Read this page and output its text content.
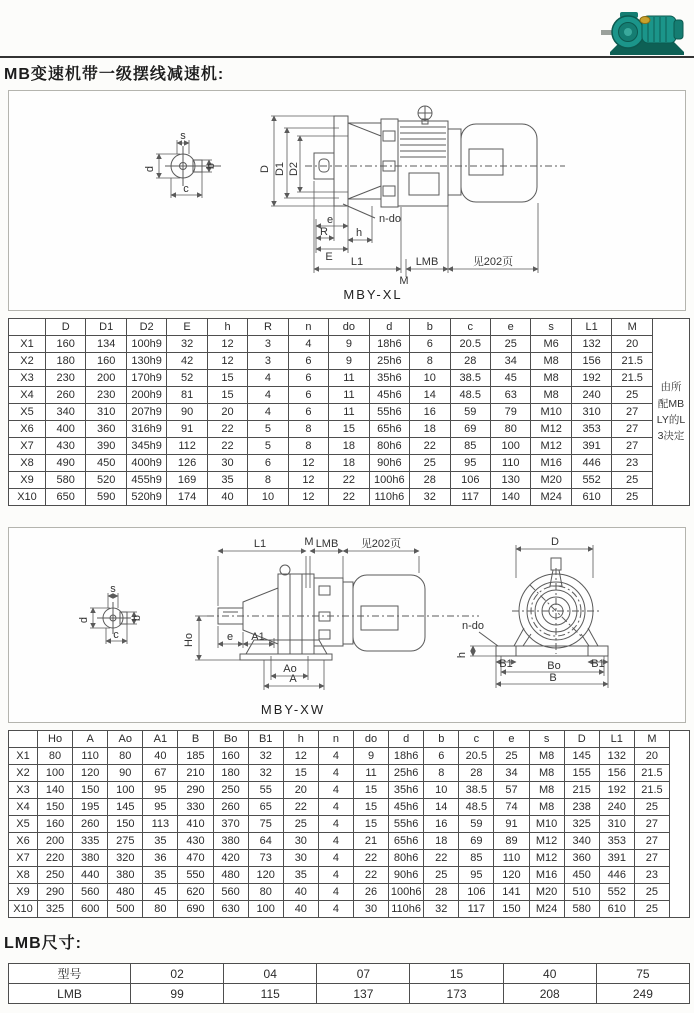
MB变速机带一级摆线减速机:
s
b
d
c
D D1 D2
e
R	h
E
n-do
L1
M
LMB	见202页
MBY-XL
	D	D1	D2	E	h	R	n	do	d	b	c	e	s	L1	M	由所配MBLY的L3决定
X1	160	134	100h9	32	12	3	4	9	18h6	6	20.5	25	M6	132	20	
X2	180	160	130h9	42	12	3	6	9	25h6	8	28	34	M8	156	21.5	
X3	230	200	170h9	52	15	4	6	11	35h6	10	38.5	45	M8	192	21.5	
X4	260	230	200h9	81	15	4	6	11	45h6	14	48.5	63	M8	240	25	
X5	340	310	207h9	90	20	4	6	11	55h6	16	59	79	M10	310	27	
X6	400	360	316h9	91	22	5	8	15	65h6	18	69	80	M12	353	27	
X7	430	390	345h9	112	22	5	8	18	80h6	22	85	100	M12	391	27	
X8	490	450	400h9	126	30	6	12	18	90h6	25	95	110	M16	446	23	
X9	580	520	455h9	169	35	8	12	22	100h6	28	106	130	M20	552	25	
X10	650	590	520h9	174	40	10	12	22	110h6	32	117	140	M24	610	25	
s
b
d
c
L1	M LMB 见202页
Ho	e A1
Ao
A
D
n-do
h
B1	B1
Bo
B
MBY-XW
	Ho	A	Ao	A1	B	Bo	B1	h	n	do	d	b	c	e	s	D	L1	M	
X1	80	110	80	40	185	160	32	12	4	9	18h6	6	20.5	25	M8	145	132	20	
X2	100	120	90	67	210	180	32	15	4	11	25h6	8	28	34	M8	155	156	21.5	
X3	140	150	100	95	290	250	55	20	4	15	35h6	10	38.5	57	M8	215	192	21.5	
X4	150	195	145	95	330	260	65	22	4	15	45h6	14	48.5	74	M8	238	240	25	
X5	160	260	150	113	410	370	75	25	4	15	55h6	16	59	91	M10	325	310	27	
X6	200	335	275	35	430	380	64	30	4	21	65h6	18	69	89	M12	340	353	27	
X7	220	380	320	36	470	420	73	30	4	22	80h6	22	85	110	M12	360	391	27	
X8	250	440	380	35	550	480	120	35	4	22	90h6	25	95	120	M16	450	446	23	
X9	290	560	480	45	620	560	80	40	4	26	100h6	28	106	141	M20	510	552	25	
X10	325	600	500	80	690	630	100	40	4	30	110h6	32	117	150	M24	580	610	25	
LMB尺寸:
型号	02	04	07	15	40	75
LMB	99	115	137	173	208	249
